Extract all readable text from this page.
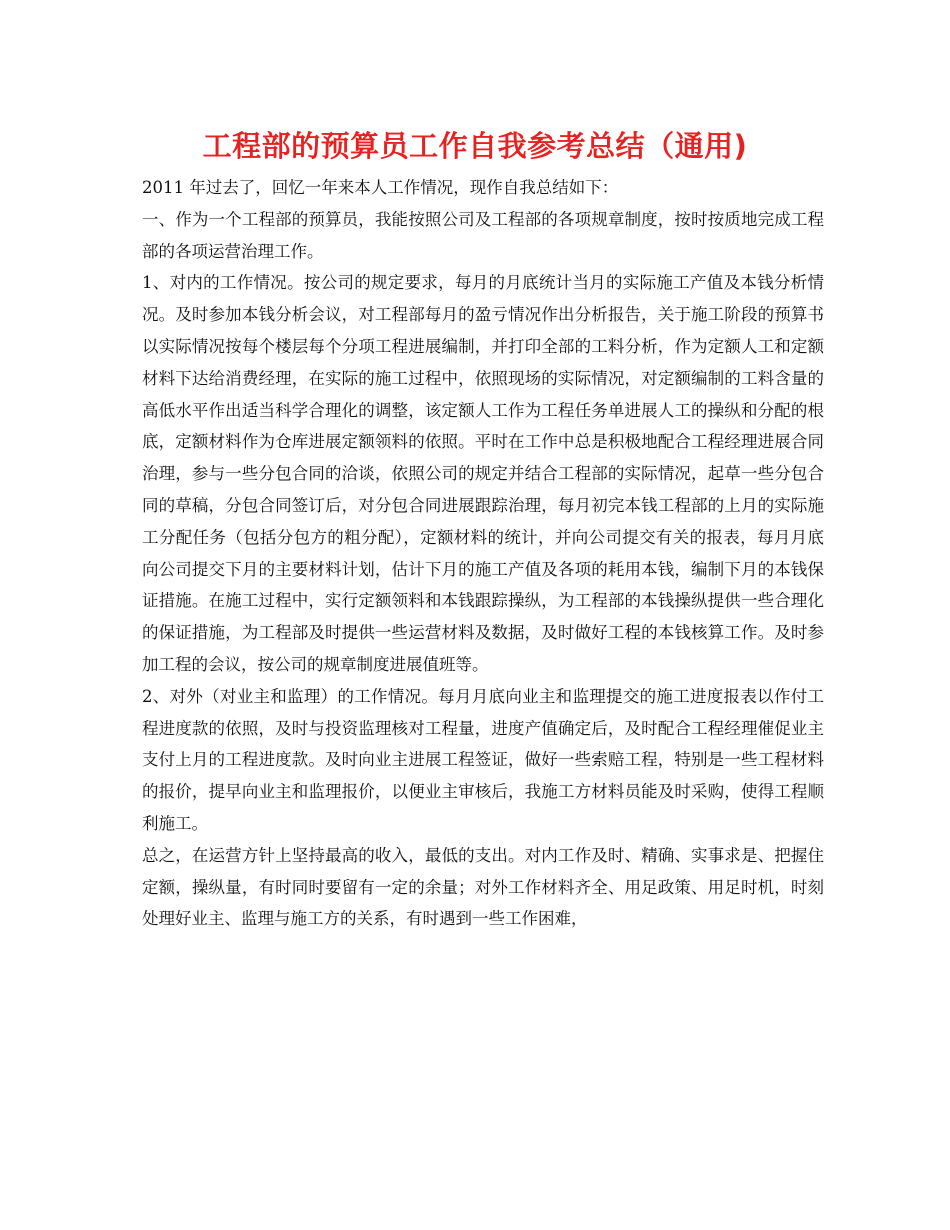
工程部的预算员工作自我参考总结（通用)

2011 年过去了，回忆一年来本人工作情况，现作自我总结如下：

一、作为一个工程部的预算员，我能按照公司及工程部的各项规章制度，按时按质地完成工程部的各项运营治理工作。

1、对内的工作情况。按公司的规定要求，每月的月底统计当月的实际施工产值及本钱分析情况。及时参加本钱分析会议，对工程部每月的盈亏情况作出分析报告，关于施工阶段的预算书以实际情况按每个楼层每个分项工程进展编制，并打印全部的工料分析，作为定额人工和定额材料下达给消费经理，在实际的施工过程中，依照现场的实际情况，对定额编制的工料含量的高低水平作出适当科学合理化的调整，该定额人工作为工程任务单进展人工的操纵和分配的根底，定额材料作为仓库进展定额领料的依照。平时在工作中总是积极地配合工程经理进展合同治理，参与一些分包合同的洽谈，依照公司的规定并结合工程部的实际情况，起草一些分包合同的草稿，分包合同签订后，对分包合同进展跟踪治理，每月初完本钱工程部的上月的实际施工分配任务（包括分包方的粗分配），定额材料的统计，并向公司提交有关的报表，每月月底向公司提交下月的主要材料计划，估计下月的施工产值及各项的耗用本钱，编制下月的本钱保证措施。在施工过程中，实行定额领料和本钱跟踪操纵，为工程部的本钱操纵提供一些合理化的保证措施，为工程部及时提供一些运营材料及数据，及时做好工程的本钱核算工作。及时参加工程的会议，按公司的规章制度进展值班等。

2、对外（对业主和监理）的工作情况。每月月底向业主和监理提交的施工进度报表以作付工程进度款的依照，及时与投资监理核对工程量，进度产值确定后，及时配合工程经理催促业主支付上月的工程进度款。及时向业主进展工程签证，做好一些索赔工程，特别是一些工程材料的报价，提早向业主和监理报价，以便业主审核后，我施工方材料员能及时采购，使得工程顺利施工。

总之，在运营方针上坚持最高的收入，最低的支出。对内工作及时、精确、实事求是、把握住定额，操纵量，有时同时要留有一定的余量；对外工作材料齐全、用足政策、用足时机，时刻处理好业主、监理与施工方的关系，有时遇到一些工作困难，
